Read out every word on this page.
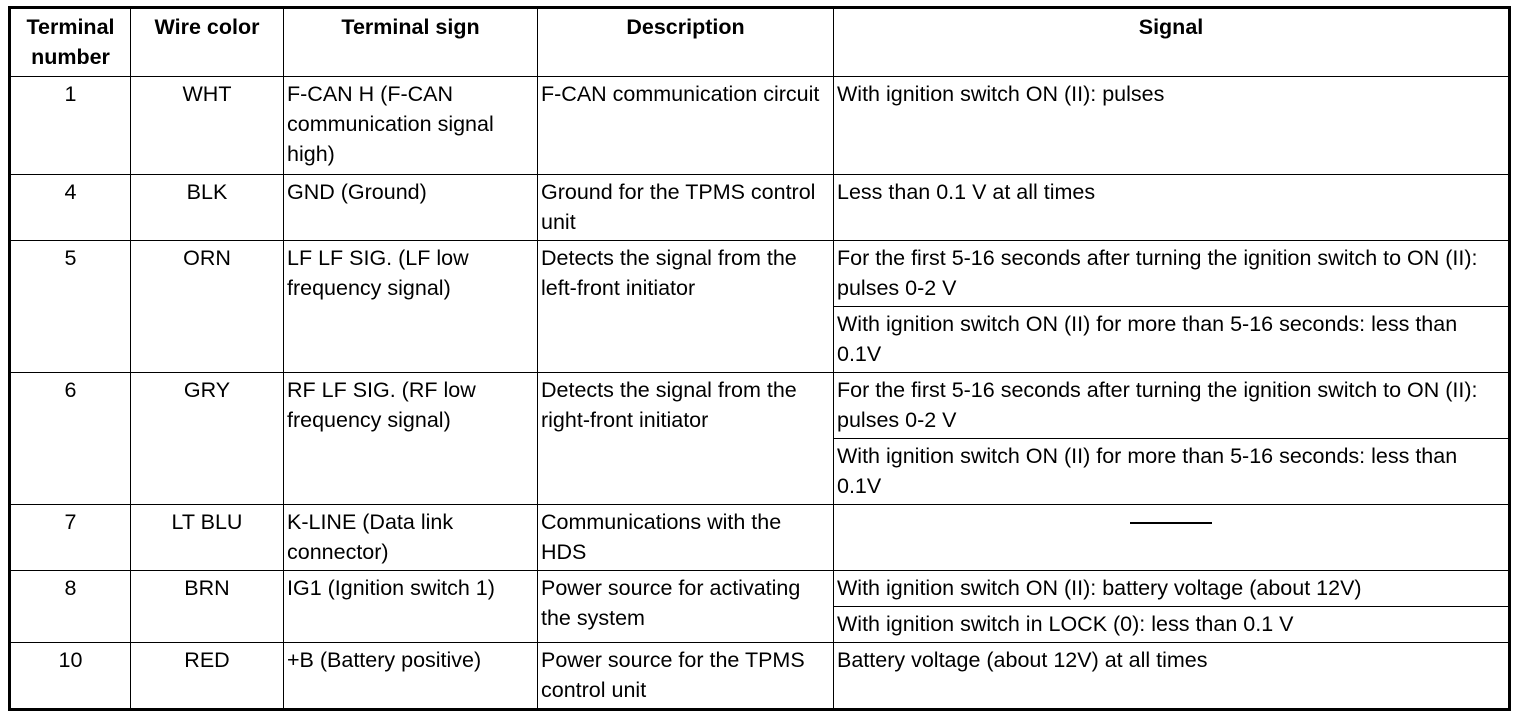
Terminal number	Wire color	Terminal sign	Description	Signal
1	WHT	F-CAN H (F-CAN communication signal high)	F-CAN communication circuit	With ignition switch ON (II): pulses
4	BLK	GND (Ground)	Ground for the TPMS control unit	Less than 0.1 V at all times
5	ORN	LF LF SIG. (LF low frequency signal)	Detects the signal from the left-front initiator	For the first 5-16 seconds after turning the ignition switch to ON (II): pulses 0-2 V
				With ignition switch ON (II) for more than 5-16 seconds: less than 0.1V
6	GRY	RF LF SIG. (RF low frequency signal)	Detects the signal from the right-front initiator	For the first 5-16 seconds after turning the ignition switch to ON (II): pulses 0-2 V
				With ignition switch ON (II) for more than 5-16 seconds: less than 0.1V
7	LT BLU	K-LINE (Data link connector)	Communications with the HDS	
8	BRN	IG1 (Ignition switch 1)	Power source for activating the system	With ignition switch ON (II): battery voltage (about 12V)
				With ignition switch in LOCK (0): less than 0.1 V
10	RED	+B (Battery positive)	Power source for the TPMS control unit	Battery voltage (about 12V) at all times
